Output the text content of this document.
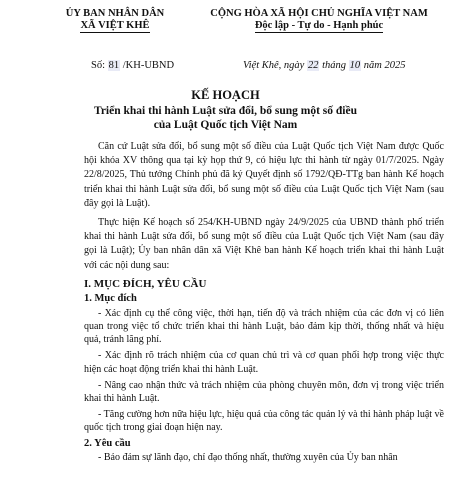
ỦY BAN NHÂN DÂN
XÃ VIỆT KHÊ
CỘNG HÒA XÃ HỘI CHỦ NGHĨA VIỆT NAM
Độc lập - Tự do - Hạnh phúc
Số: 81 /KH-UBND	Việt Khê, ngày 22 tháng 10 năm 2025
KẾ HOẠCH
Triển khai thi hành Luật sửa đổi, bổ sung một số điều
của Luật Quốc tịch Việt Nam

Căn cứ Luật sửa đổi, bổ sung một số điều của Luật Quốc tịch Việt Nam được Quốc hội khóa XV thông qua tại kỳ họp thứ 9, có hiệu lực thi hành từ ngày 01/7/2025. Ngày 22/8/2025, Thủ tướng Chính phủ đã ký Quyết định số 1792/QĐ-TTg ban hành Kế hoạch triển khai thi hành Luật sửa đổi, bổ sung một số điều của Luật Quốc tịch Việt Nam (sau đây gọi là Luật).

Thực hiện Kế hoạch số 254/KH-UBND ngày 24/9/2025 của UBND thành phố triển khai thi hành Luật sửa đổi, bổ sung một số điều của Luật Quốc tịch Việt Nam (sau đây gọi là Luật); Ủy ban nhân dân xã Việt Khê ban hành Kế hoạch triển khai thi hành Luật với các nội dung sau:

I. MỤC ĐÍCH, YÊU CẦU
1. Mục đích

- Xác định cụ thể công việc, thời hạn, tiến độ và trách nhiệm của các đơn vị có liên quan trong việc tổ chức triển khai thi hành Luật, bảo đảm kịp thời, thống nhất và hiệu quả, tránh lãng phí.

- Xác định rõ trách nhiệm của cơ quan chủ trì và cơ quan phối hợp trong việc thực hiện các hoạt động triển khai thi hành Luật.

- Nâng cao nhận thức và trách nhiệm của phòng chuyên môn, đơn vị trong việc triển khai thi hành Luật.

- Tăng cường hơn nữa hiệu lực, hiệu quả của công tác quản lý và thi hành pháp luật về quốc tịch trong giai đoạn hiện nay.

2. Yêu cầu

- Bảo đảm sự lãnh đạo, chỉ đạo thống nhất, thường xuyên của Ủy ban nhân
